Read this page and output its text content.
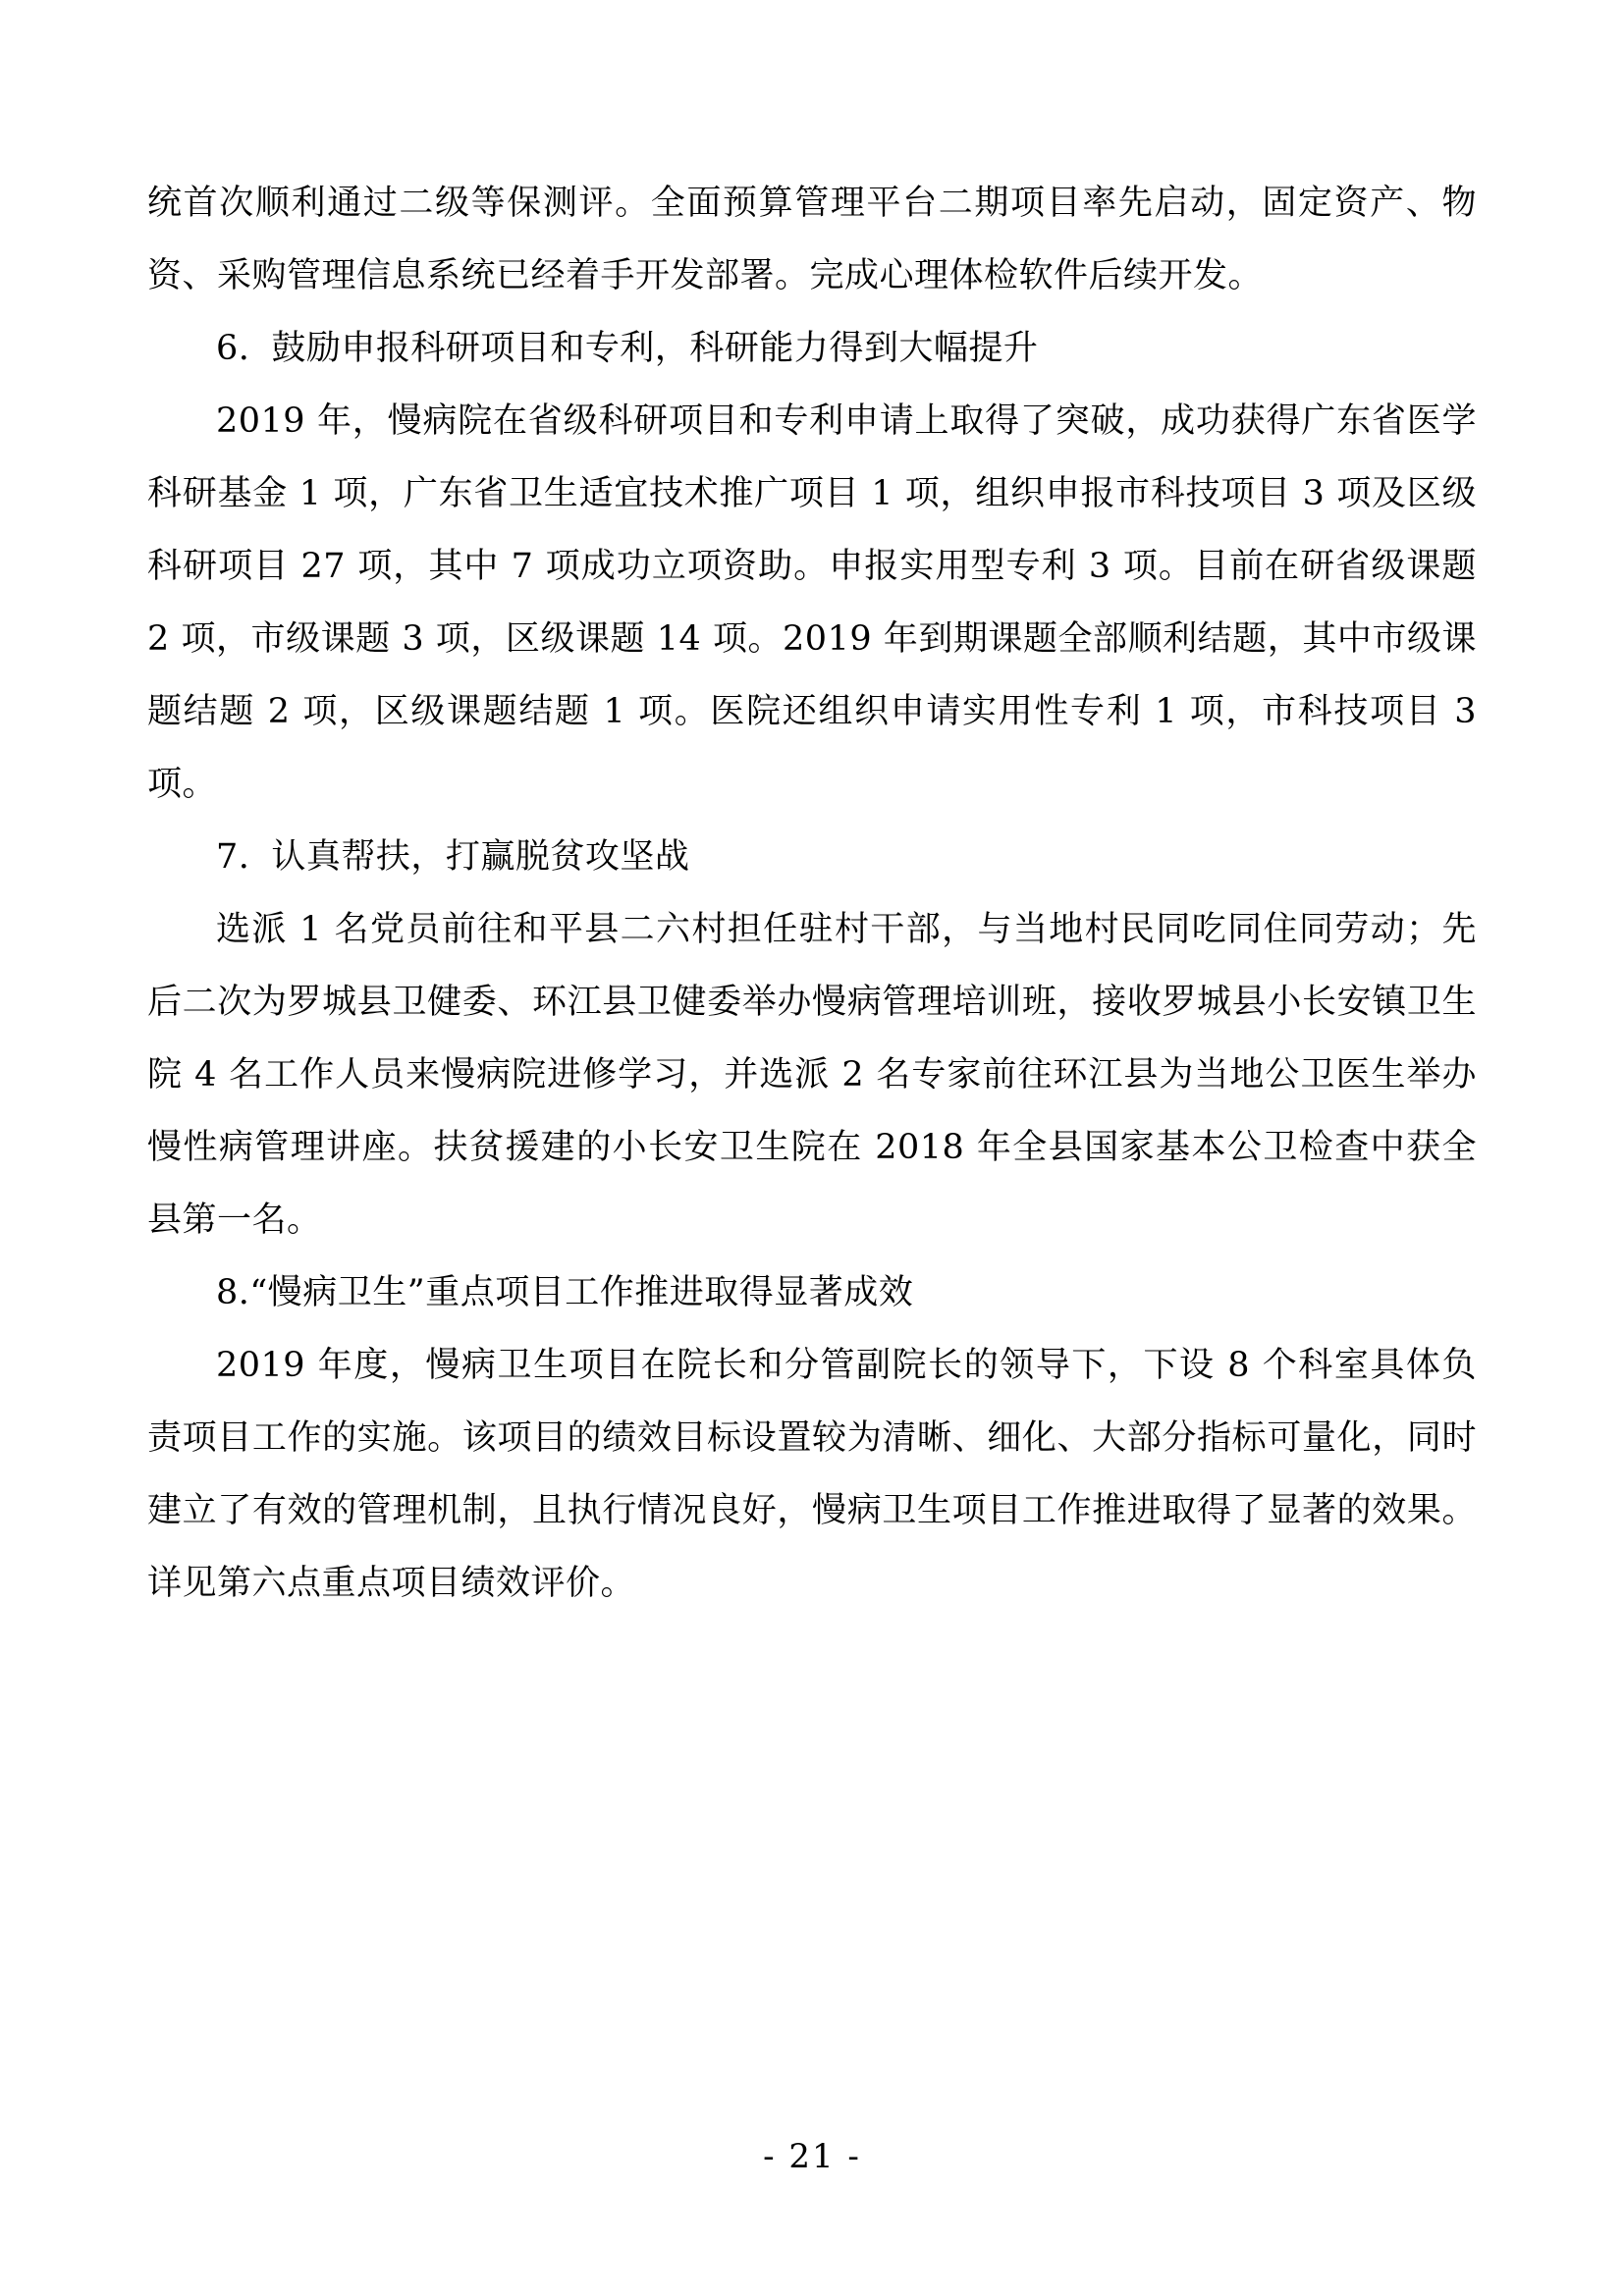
统首次顺利通过二级等保测评。全面预算管理平台二期项目率先启动，固定资产、物资、采购管理信息系统已经着手开发部署。完成心理体检软件后续开发。

6. 鼓励申报科研项目和专利，科研能力得到大幅提升

2019 年，慢病院在省级科研项目和专利申请上取得了突破，成功获得广东省医学科研基金 1 项，广东省卫生适宜技术推广项目 1 项，组织申报市科技项目 3 项及区级科研项目 27 项，其中 7 项成功立项资助。申报实用型专利 3 项。目前在研省级课题 2 项，市级课题 3 项，区级课题 14 项。2019 年到期课题全部顺利结题，其中市级课题结题 2 项，区级课题结题 1 项。医院还组织申请实用性专利 1 项，市科技项目 3 项。

7. 认真帮扶，打赢脱贫攻坚战

选派 1 名党员前往和平县二六村担任驻村干部，与当地村民同吃同住同劳动；先后二次为罗城县卫健委、环江县卫健委举办慢病管理培训班，接收罗城县小长安镇卫生院 4 名工作人员来慢病院进修学习，并选派 2 名专家前往环江县为当地公卫医生举办慢性病管理讲座。扶贫援建的小长安卫生院在 2018 年全县国家基本公卫检查中获全县第一名。

8.“慢病卫生”重点项目工作推进取得显著成效

2019 年度，慢病卫生项目在院长和分管副院长的领导下，下设 8 个科室具体负责项目工作的实施。该项目的绩效目标设置较为清晰、细化、大部分指标可量化，同时建立了有效的管理机制，且执行情况良好，慢病卫生项目工作推进取得了显著的效果。详见第六点重点项目绩效评价。

- 21 -
